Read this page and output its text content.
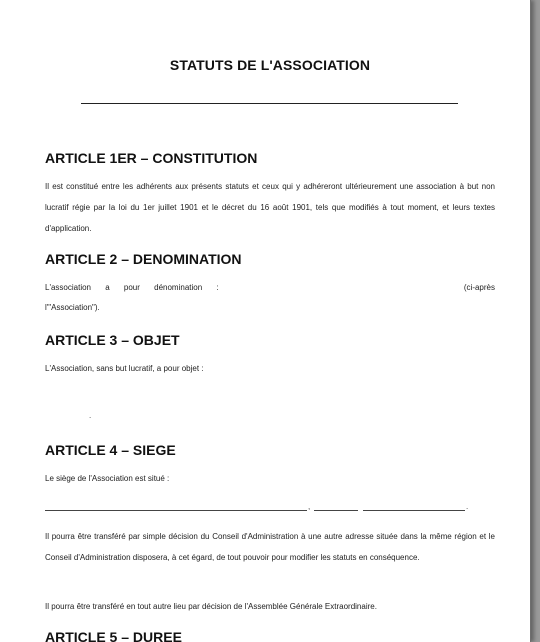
STATUTS DE L'ASSOCIATION
ARTICLE 1ER – CONSTITUTION

Il est constitué entre les adhérents aux présents statuts et ceux qui y adhéreront ultérieurement une association à but non lucratif régie par la loi du 1er juillet 1901 et le décret du 16 août 1901, tels que modifiés à tout moment, et leurs textes d'application.

ARTICLE 2 – DENOMINATION
L'association a pour dénomination :	(ci-après
l'"Association").
ARTICLE 3 – OBJET
L'Association, sans but lucratif, a pour objet :
.
ARTICLE 4 – SIEGE
Le siège de l'Association est situé :
,	.

Il pourra être transféré par simple décision du Conseil d'Administration à une autre adresse située dans la même région et le Conseil d'Administration disposera, à cet égard, de tout pouvoir pour modifier les statuts en conséquence.

Il pourra être transféré en tout autre lieu par décision de l'Assemblée Générale Extraordinaire.

ARTICLE 5 – DUREE
